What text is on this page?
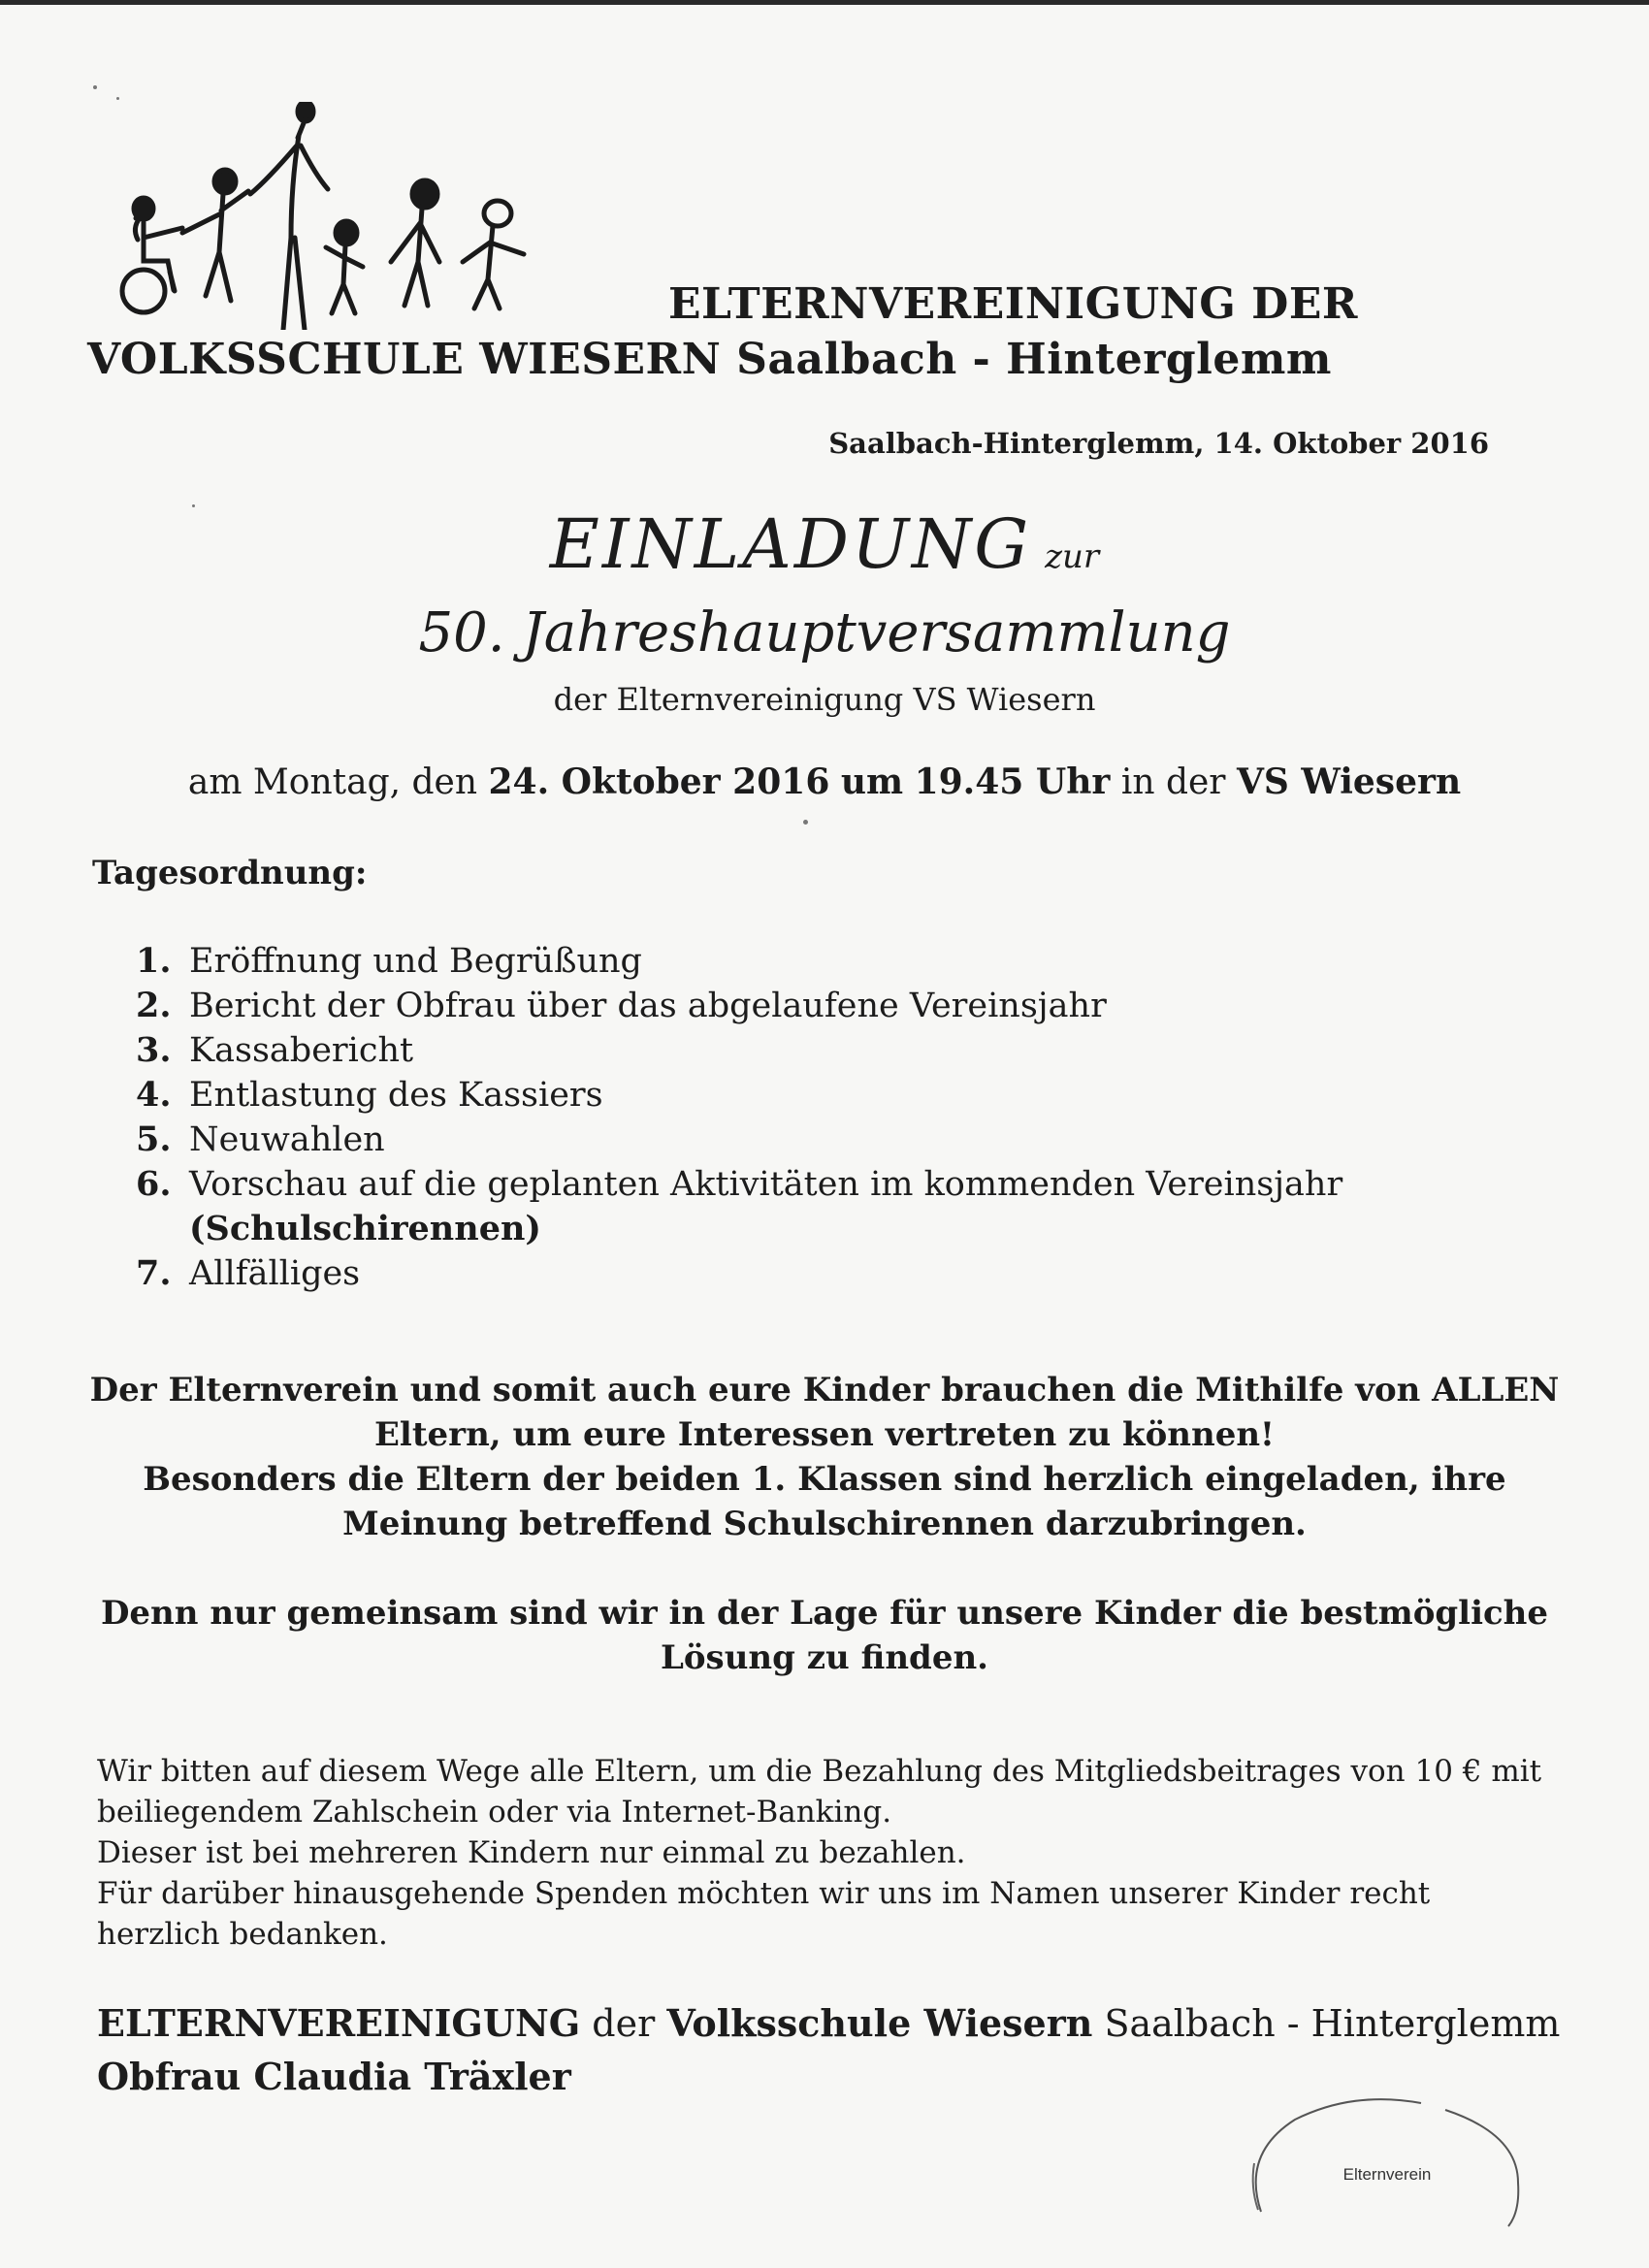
ELTERNVEREINIGUNG DER
VOLKSSCHULE WIESERN Saalbach - Hinterglemm
Saalbach-Hinterglemm, 14. Oktober 2016
EINLADUNG zur
50. Jahreshauptversammlung
der Elternvereinigung VS Wiesern
am Montag, den 24. Oktober 2016 um 19.45 Uhr in der VS Wiesern
Tagesordnung:
1. Eröffnung und Begrüßung
2. Bericht der Obfrau über das abgelaufene Vereinsjahr
3. Kassabericht
4. Entlastung des Kassiers
5. Neuwahlen
6. Vorschau auf die geplanten Aktivitäten im kommenden Vereinsjahr
(Schulschirennen)
7. Allfälliges

Der Elternverein und somit auch eure Kinder brauchen die Mithilfe von ALLEN

Eltern, um eure Interessen vertreten zu können!

Besonders die Eltern der beiden 1. Klassen sind herzlich eingeladen, ihre

Meinung betreffend Schulschirennen darzubringen.

Denn nur gemeinsam sind wir in der Lage für unsere Kinder die bestmögliche

Lösung zu finden.

Wir bitten auf diesem Wege alle Eltern, um die Bezahlung des Mitgliedsbeitrages von 10 € mit

beiliegendem Zahlschein oder via Internet-Banking.

Dieser ist bei mehreren Kindern nur einmal zu bezahlen.

Für darüber hinausgehende Spenden möchten wir uns im Namen unserer Kinder recht

herzlich bedanken.

ELTERNVEREINIGUNG der Volksschule Wiesern Saalbach - Hinterglemm
Obfrau Claudia Träxler
Elternverein
